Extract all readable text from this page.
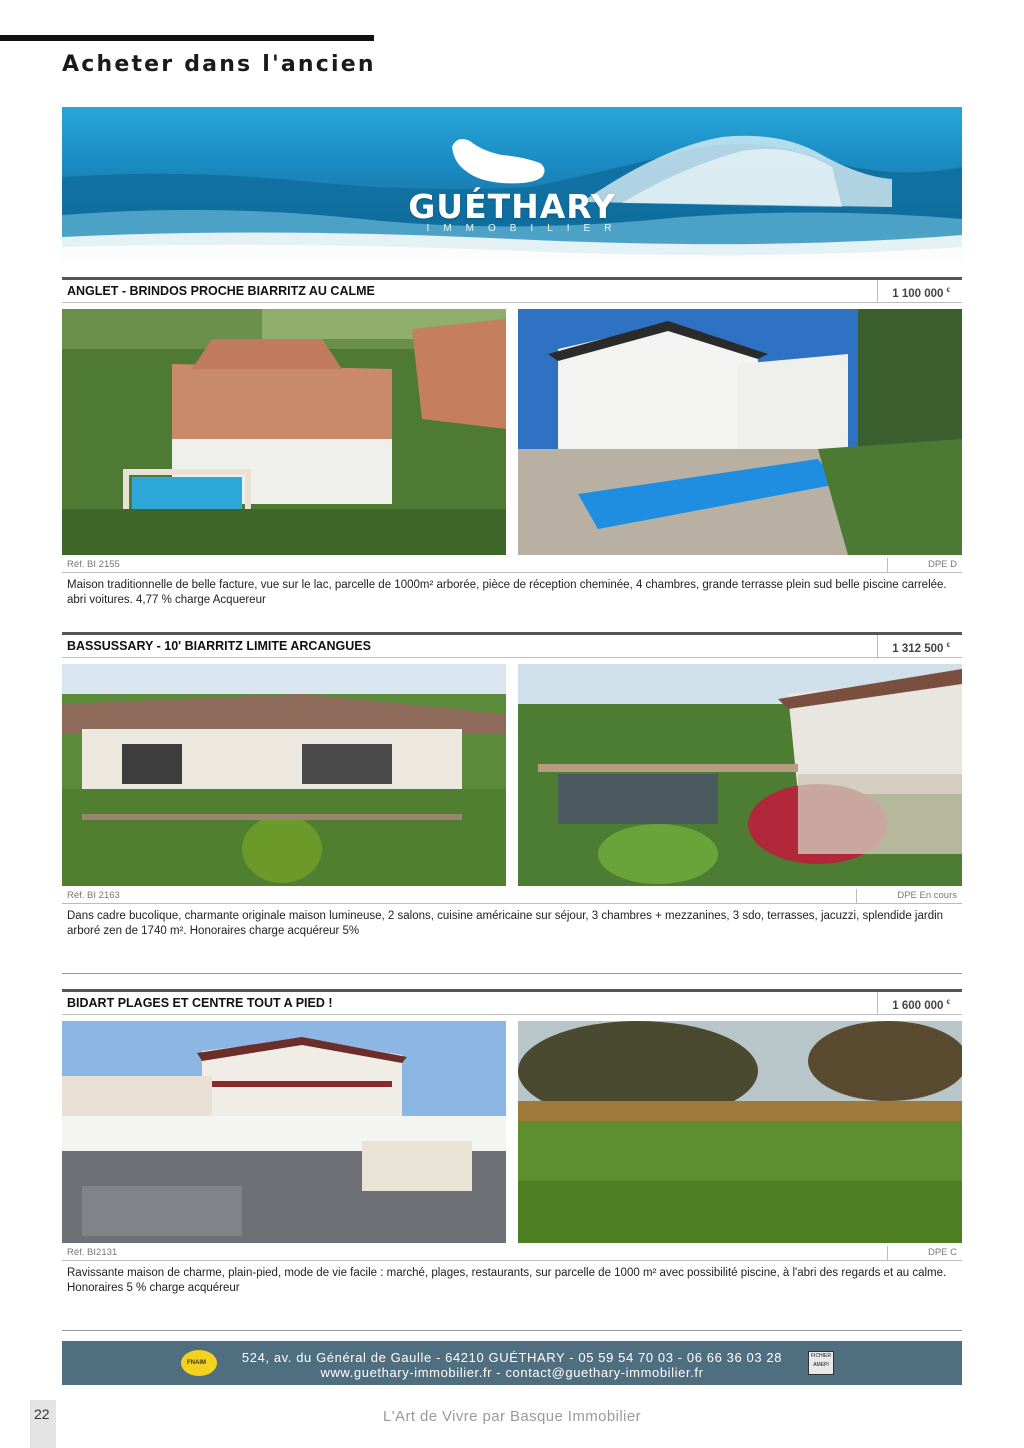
Acheter dans l'ancien
GUÉTHARY
IMMOBILIER
ANGLET - BRINDOS PROCHE BIARRITZ AU CALME	1 100 000 €
Réf. BI 2155	DPE D
Maison traditionnelle de belle facture, vue sur le lac, parcelle de 1000m² arborée, pièce de réception cheminée, 4 chambres, grande terrasse plein sud belle piscine carrelée. abri voitures. 4,77 % charge Acquereur
BASSUSSARY - 10' BIARRITZ LIMITE ARCANGUES	1 312 500 €
Réf. BI 2163	DPE En cours
Dans cadre bucolique, charmante originale maison lumineuse, 2 salons, cuisine américaine sur séjour, 3 chambres + mezzanines, 3 sdo, terrasses, jacuzzi, splendide jardin arboré zen de 1740 m². Honoraires charge acquéreur 5%
BIDART PLAGES ET CENTRE TOUT A PIED !	1 600 000 €
Réf. BI2131	DPE C
Ravissante maison de charme, plain-pied, mode de vie facile : marché, plages, restaurants, sur parcelle de 1000 m² avec possibilité piscine, à l'abri des regards et au calme. Honoraires 5 % charge acquéreur
FNAIM	524, av. du Général de Gaulle - 64210 GUÉTHARY - 05 59 54 70 03 - 06 66 36 03 28
www.guethary-immobilier.fr - contact@guethary-immobilier.fr
FICHIER AMEPI
22	L'Art de Vivre par Basque Immobilier
